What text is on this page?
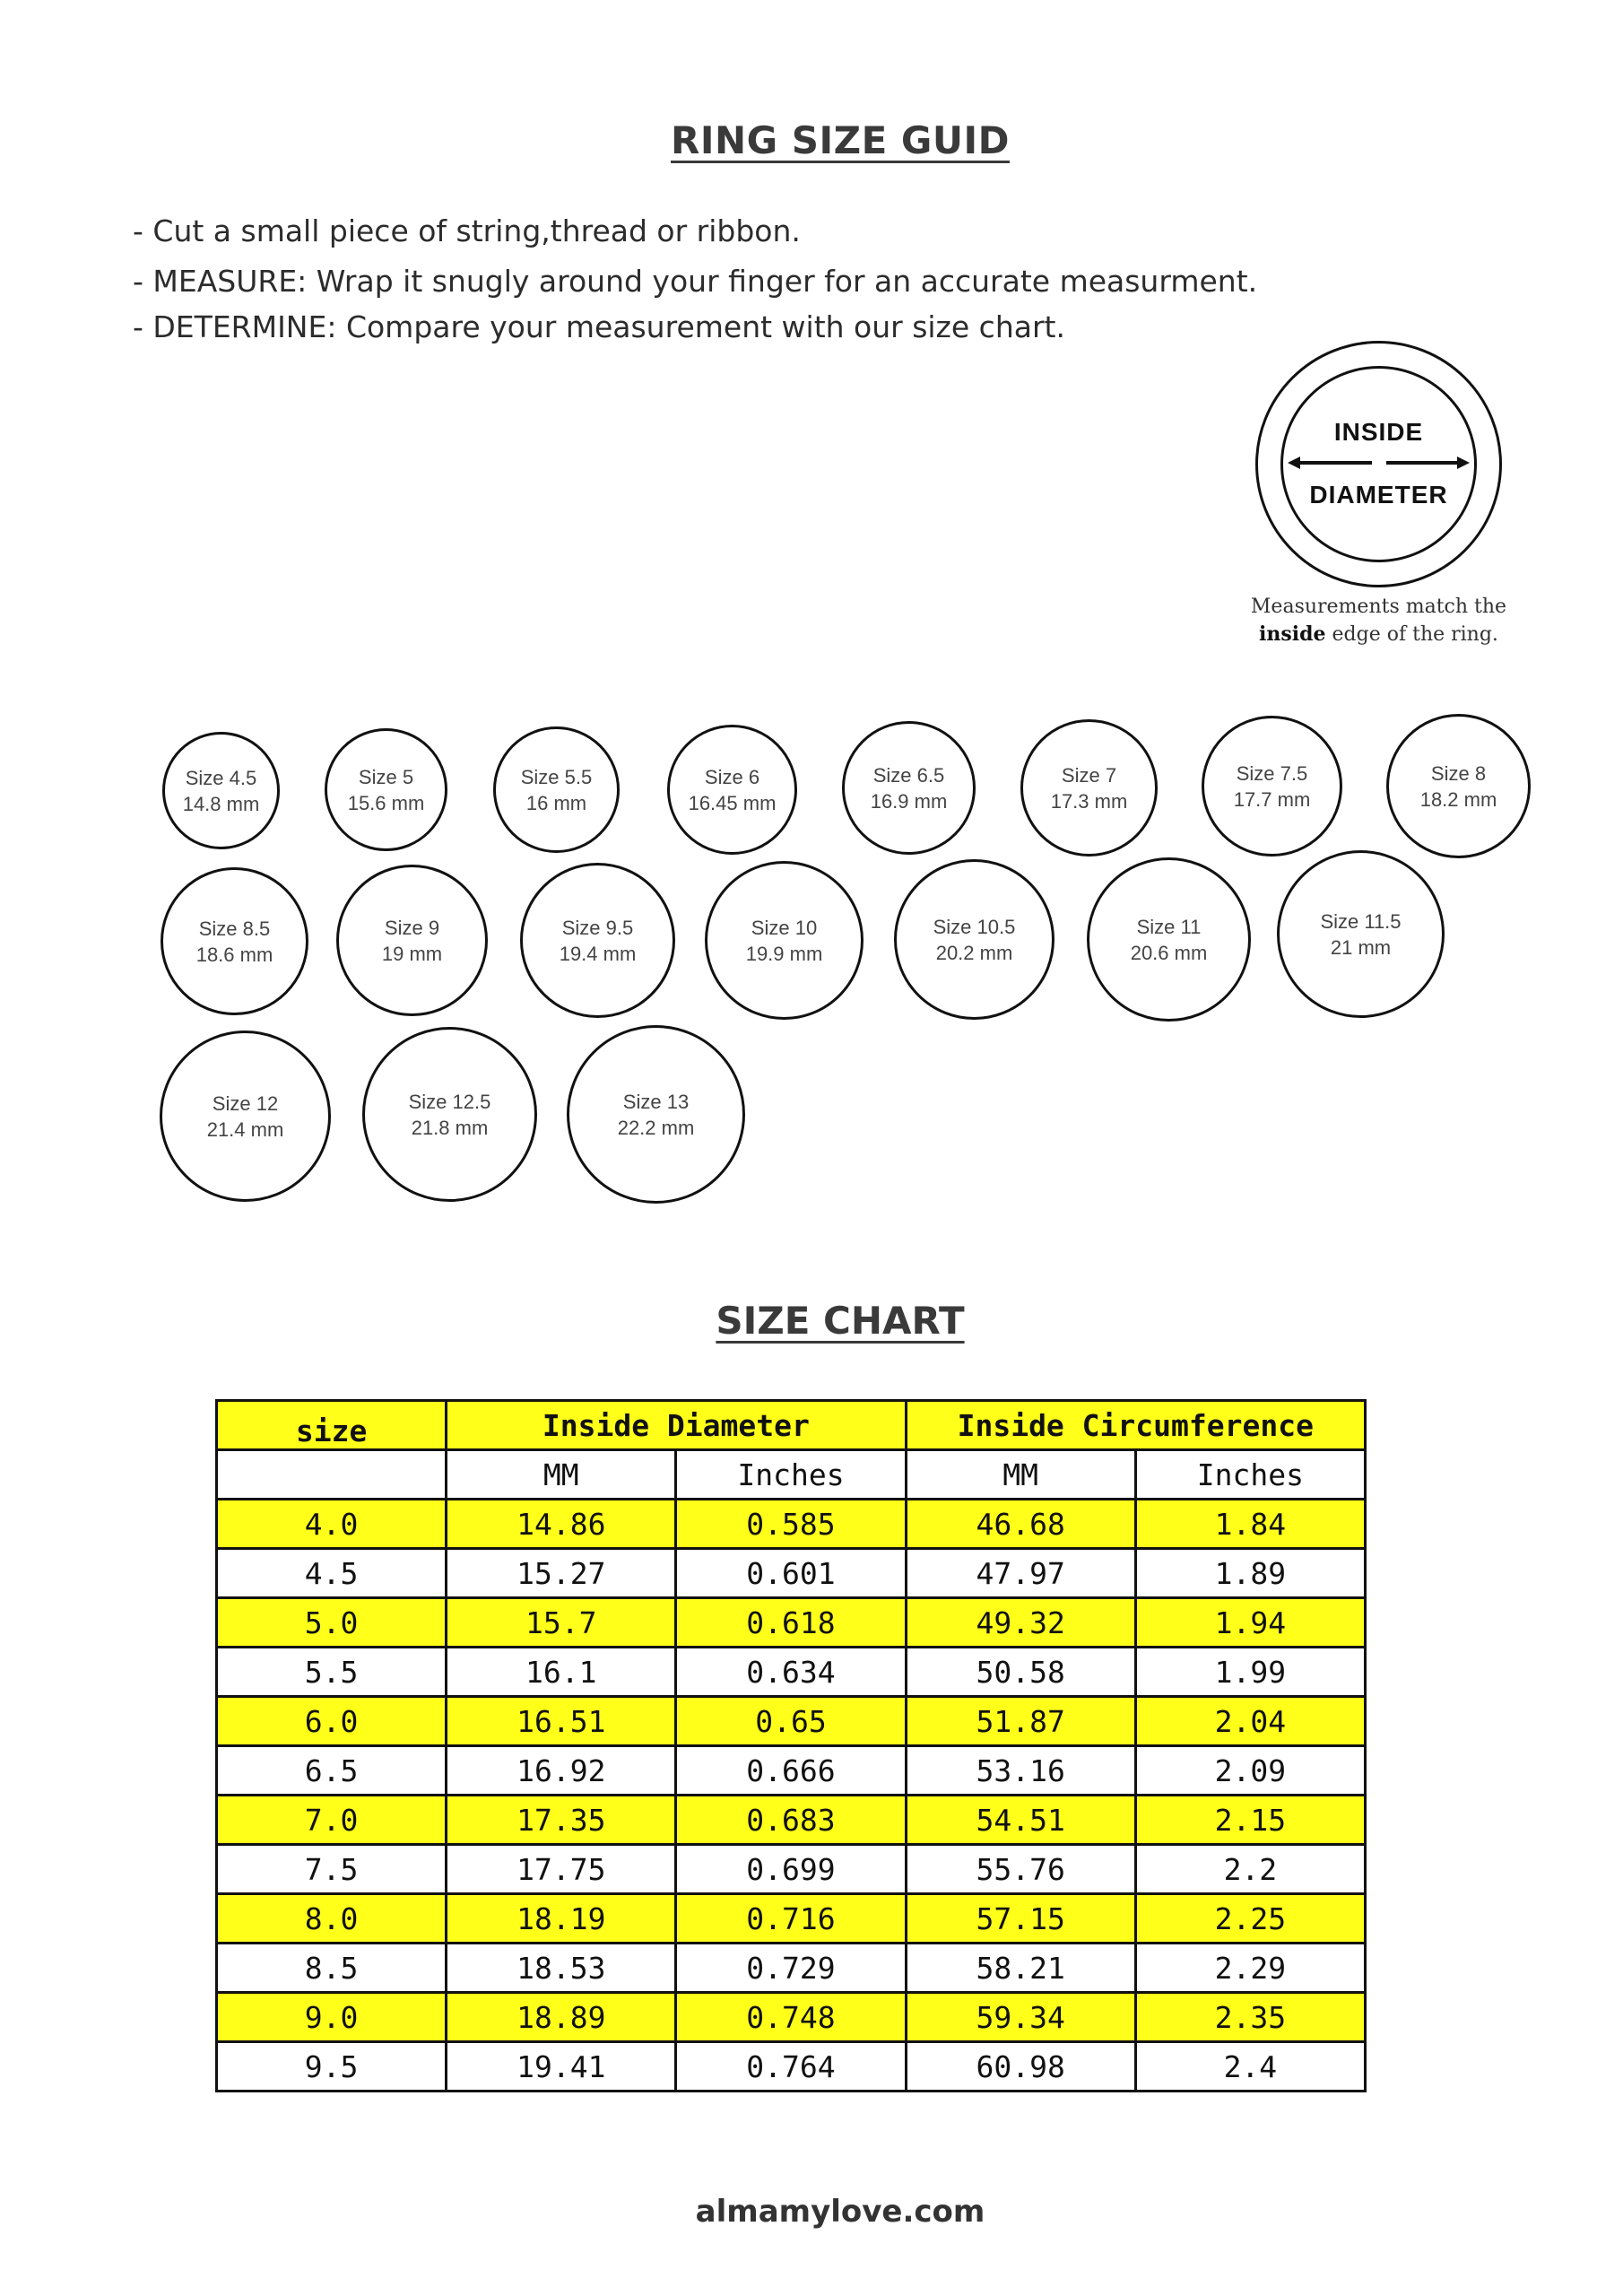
RING SIZE GUID
- Cut a small piece of string,thread or ribbon.
- MEASURE: Wrap it snugly around your finger for an accurate measurment.
- DETERMINE: Compare your measurement with our size chart.
INSIDE
DIAMETER
Measurements match the
inside edge of the ring.
Size 4.5
14.8 mm
Size 5
15.6 mm
Size 5.5
16 mm
Size 6
16.45 mm
Size 6.5
16.9 mm
Size 7
17.3 mm
Size 7.5
17.7 mm
Size 8
18.2 mm
Size 8.5
18.6 mm
Size 9
19 mm
Size 9.5
19.4 mm
Size 10
19.9 mm
Size 10.5
20.2 mm
Size 11
20.6 mm
Size 11.5
21 mm
Size 12
21.4 mm
Size 12.5
21.8 mm
Size 13
22.2 mm
SIZE CHART
size	Inside Diameter		Inside Circumference	
	MM	Inches	MM	Inches
4.0	14.86	0.585	46.68	1.84
4.5	15.27	0.601	47.97	1.89
5.0	15.7	0.618	49.32	1.94
5.5	16.1	0.634	50.58	1.99
6.0	16.51	0.65	51.87	2.04
6.5	16.92	0.666	53.16	2.09
7.0	17.35	0.683	54.51	2.15
7.5	17.75	0.699	55.76	2.2
8.0	18.19	0.716	57.15	2.25
8.5	18.53	0.729	58.21	2.29
9.0	18.89	0.748	59.34	2.35
9.5	19.41	0.764	60.98	2.4
almamylove.com
